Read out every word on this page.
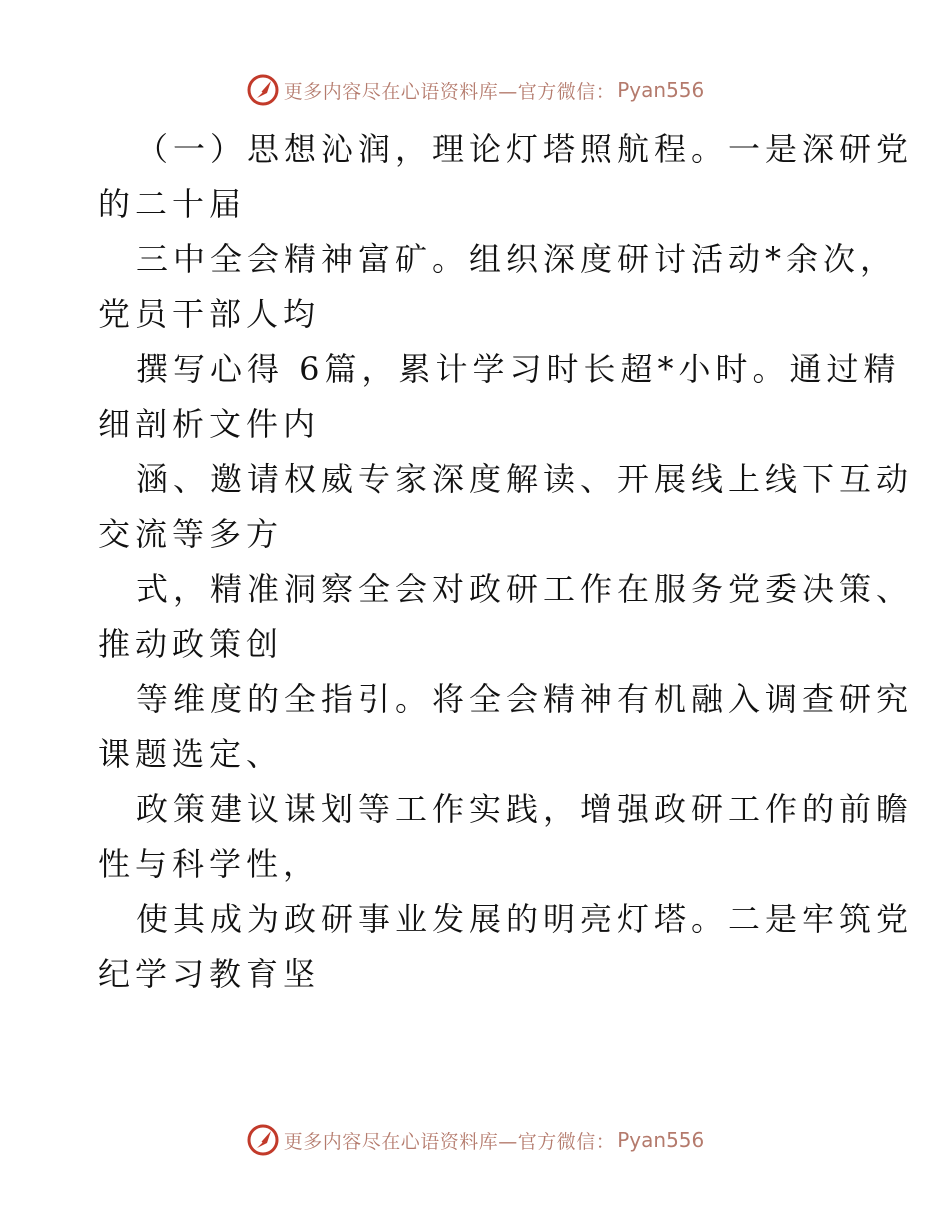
更多内容尽在心语资料库—官方微信： Pyan556
（一）思想沁润，理论灯塔照航程。一是深研党
的二十届
三中全会精神富矿。组织深度研讨活动*余次，
党员干部人均
撰写心得 6篇，累计学习时长超*小时。通过精
细剖析文件内
涵、邀请权威专家深度解读、开展线上线下互动
交流等多方
式，精准洞察全会对政研工作在服务党委决策、
推动政策创
等维度的全指引。将全会精神有机融入调查研究
课题选定、
政策建议谋划等工作实践，增强政研工作的前瞻
性与科学性，
使其成为政研事业发展的明亮灯塔。二是牢筑党
纪学习教育坚
更多内容尽在心语资料库—官方微信： Pyan556
